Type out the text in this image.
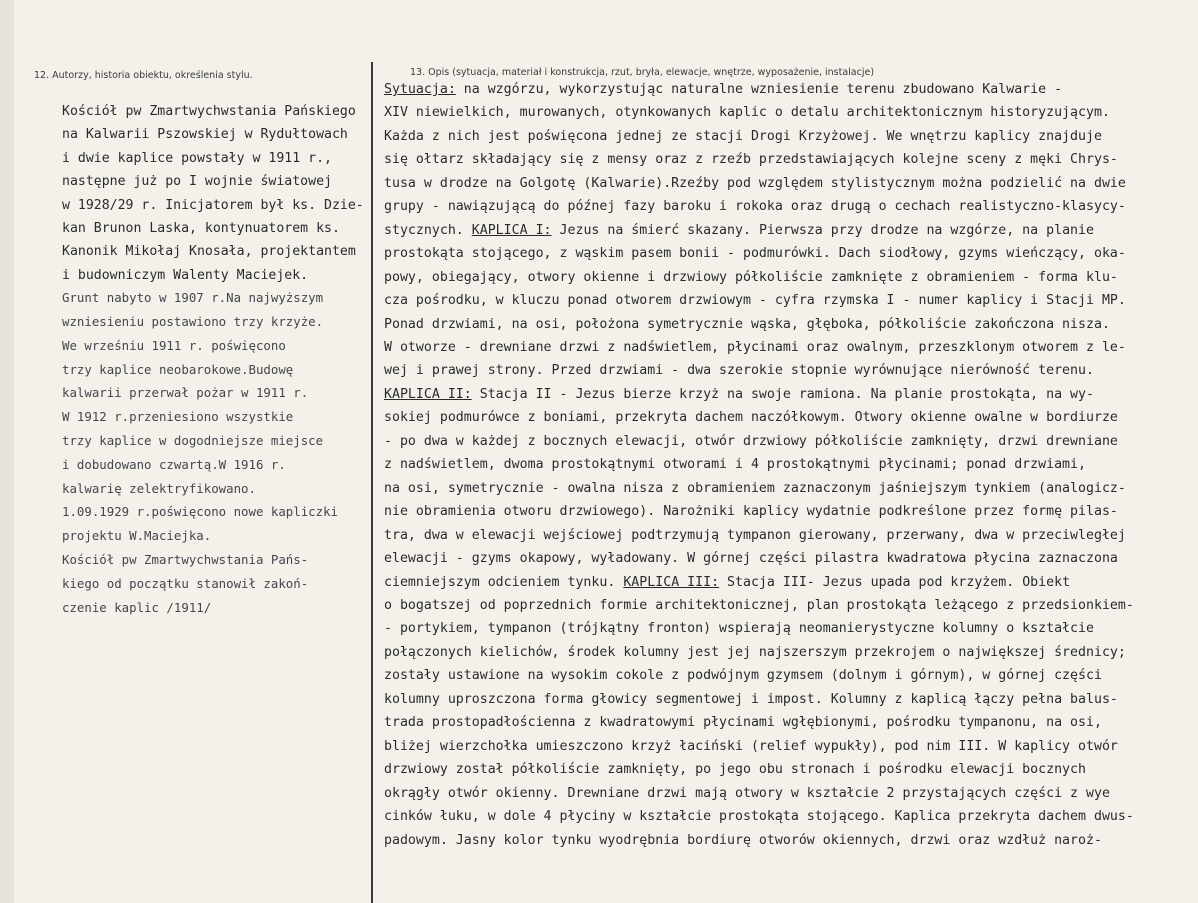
12. Autorzy, historia obiektu, określenia stylu.	13. Opis (sytuacja, materiał i konstrukcja, rzut, bryła, elewacje, wnętrze, wyposażenie, instalacje)

Kościół pw Zmartwychwstania Pańskiego

na Kalwarii Pszowskiej w Rydułtowach

i dwie kaplice powstały w 1911 r.,

następne już po I wojnie światowej

w 1928/29 r. Inicjatorem był ks. Dzie-

kan Brunon Laska, kontynuatorem ks.

Kanonik Mikołaj Knosała, projektantem

i budowniczym Walenty Maciejek.

Grunt nabyto w 1907 r.Na najwyższym

wzniesieniu postawiono trzy krzyże.

We wrześniu 1911 r. poświęcono

trzy kaplice neobarokowe.Budowę

kalwarii przerwał pożar w 1911 r.

W 1912 r.przeniesiono wszystkie

trzy kaplice w dogodniejsze miejsce

i dobudowano czwartą.W 1916 r.

kalwarię zelektryfikowano.

1.09.1929 r.poświęcono nowe kapliczki

projektu W.Maciejka.

Kościół pw Zmartwychwstania Pańs-

kiego od początku stanowił zakoń-

czenie kaplic /1911/

Sytuacja: na wzgórzu, wykorzystując naturalne wzniesienie terenu zbudowano Kalwarie -

XIV niewielkich, murowanych, otynkowanych kaplic o detalu architektonicznym historyzującym.

Każda z nich jest poświęcona jednej ze stacji Drogi Krzyżowej. We wnętrzu kaplicy znajduje

się ołtarz składający się z mensy oraz z rzeźb przedstawiających kolejne sceny z męki Chrys-

tusa w drodze na Golgotę (Kalwarie).Rzeźby pod względem stylistycznym można podzielić na dwie

grupy - nawiązującą do późnej fazy baroku i rokoka oraz drugą o cechach realistyczno-klasycy-

stycznych. KAPLICA I: Jezus na śmierć skazany. Pierwsza przy drodze na wzgórze, na planie

prostokąta stojącego, z wąskim pasem bonii - podmurówki. Dach siodłowy, gzyms wieńczący, oka-

powy, obiegający, otwory okienne i drzwiowy półkoliście zamknięte z obramieniem - forma klu-

cza pośrodku, w kluczu ponad otworem drzwiowym - cyfra rzymska I - numer kaplicy i Stacji MP.

Ponad drzwiami, na osi, położona symetrycznie wąska, głęboka, półkoliście zakończona nisza.

W otworze - drewniane drzwi z nadświetlem, płycinami oraz owalnym, przeszklonym otworem z le-

wej i prawej strony. Przed drzwiami - dwa szerokie stopnie wyrównujące nierówność terenu.

KAPLICA II: Stacja II - Jezus bierze krzyż na swoje ramiona. Na planie prostokąta, na wy-

sokiej podmurówce z boniami, przekryta dachem naczółkowym. Otwory okienne owalne w bordiurze

- po dwa w każdej z bocznych elewacji, otwór drzwiowy półkoliście zamknięty, drzwi drewniane

z nadświetlem, dwoma prostokątnymi otworami i 4 prostokątnymi płycinami; ponad drzwiami,

na osi, symetrycznie - owalna nisza z obramieniem zaznaczonym jaśniejszym tynkiem (analogicz-

nie obramienia otworu drzwiowego). Narożniki kaplicy wydatnie podkreślone przez formę pilas-

tra, dwa w elewacji wejściowej podtrzymują tympanon gierowany, przerwany, dwa w przeciwległej

elewacji - gzyms okapowy, wyładowany. W górnej części pilastra kwadratowa płycina zaznaczona

ciemniejszym odcieniem tynku. KAPLICA III: Stacja III- Jezus upada pod krzyżem. Obiekt

o bogatszej od poprzednich formie architektonicznej, plan prostokąta leżącego z przedsionkiem-

- portykiem, tympanon (trójkątny fronton) wspierają neomanierystyczne kolumny o kształcie

połączonych kielichów, środek kolumny jest jej najszerszym przekrojem o największej średnicy;

zostały ustawione na wysokim cokole z podwójnym gzymsem (dolnym i górnym), w górnej części

kolumny uproszczona forma głowicy segmentowej i impost. Kolumny z kaplicą łączy pełna balus-

trada prostopadłościenna z kwadratowymi płycinami wgłębionymi, pośrodku tympanonu, na osi,

bliżej wierzchołka umieszczono krzyż łaciński (relief wypukły), pod nim III. W kaplicy otwór

drzwiowy został półkoliście zamknięty, po jego obu stronach i pośrodku elewacji bocznych

okrągły otwór okienny. Drewniane drzwi mają otwory w kształcie 2 przystających części z wye

cinków łuku, w dole 4 płyciny w kształcie prostokąta stojącego. Kaplica przekryta dachem dwus-

padowym. Jasny kolor tynku wyodrębnia bordiurę otworów okiennych, drzwi oraz wzdłuż naroż-
